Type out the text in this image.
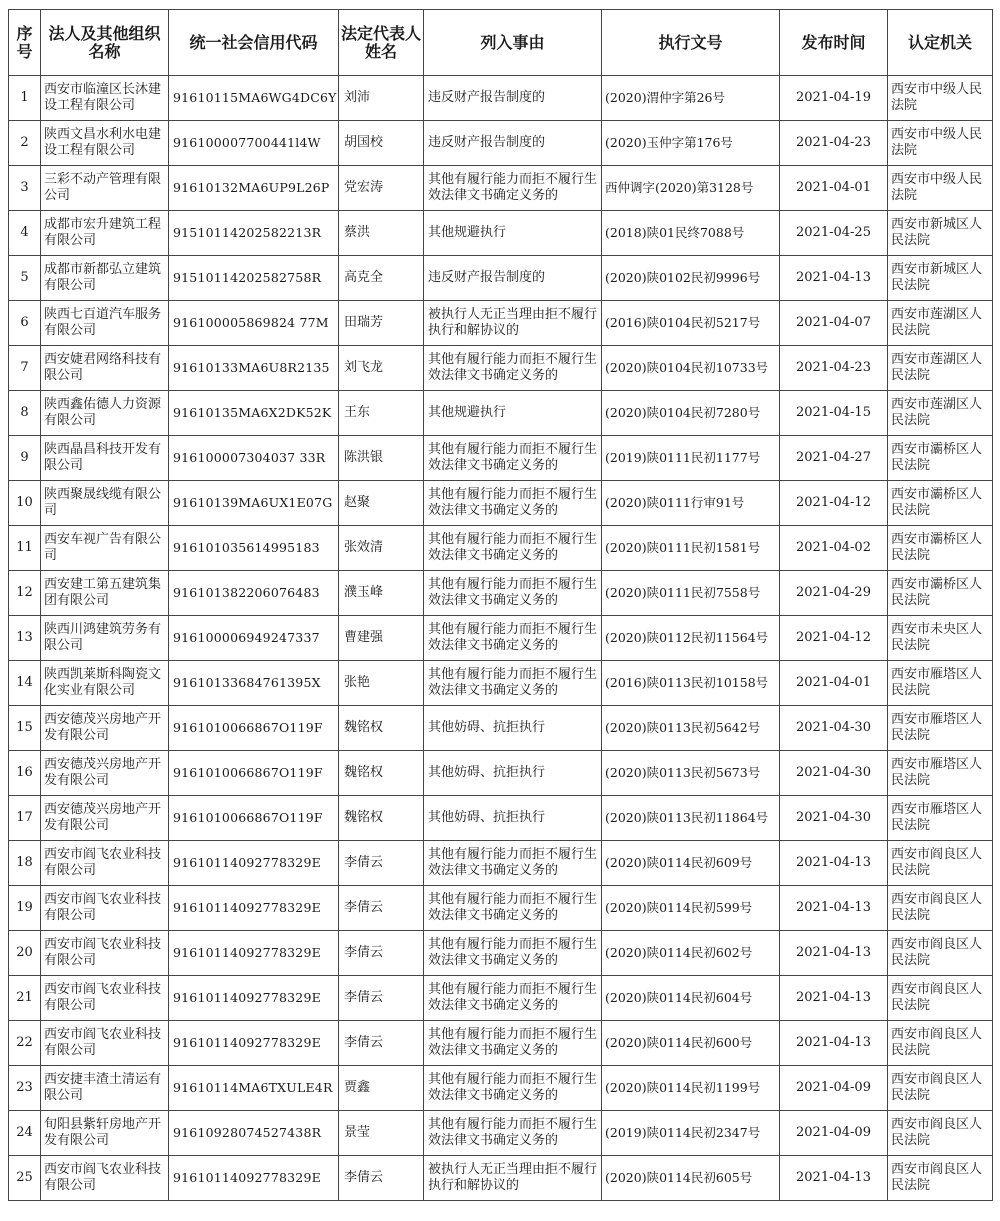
序号	法人及其他组织名称	统一社会信用代码	法定代表人姓名	列入事由	执行文号	发布时间	认定机关
1	西安市临潼区长沐建设工程有限公司	91610115MA6WG4DC6Y	刘沛	违反财产报告制度的	(2020)渭仲字第26号	2021-04-19	西安市中级人民法院
2	陕西文昌水利水电建设工程有限公司	916100007700441l4W	胡国校	违反财产报告制度的	(2020)玉仲字第176号	2021-04-23	西安市中级人民法院
3	三彩不动产管理有限公司	91610132MA6UP9L26P	党宏涛	其他有履行能力而拒不履行生效法律文书确定义务的	西仲调字(2020)第3128号	2021-04-01	西安市中级人民法院
4	成都市宏升建筑工程有限公司	91510114202582213R	蔡洪	其他规避执行	(2018)陕01民终7088号	2021-04-25	西安市新城区人民法院
5	成都市新都弘立建筑有限公司	91510114202582758R	高克全	违反财产报告制度的	(2020)陕0102民初9996号	2021-04-13	西安市新城区人民法院
6	陕西七百道汽车服务有限公司	916100005869824 77M	田瑞芳	被执行人无正当理由拒不履行执行和解协议的	(2016)陕0104民初5217号	2021-04-07	西安市莲湖区人民法院
7	西安婕君网络科技有限公司	91610133MA6U8R2135	刘飞龙	其他有履行能力而拒不履行生效法律文书确定义务的	(2020)陕0104民初10733号	2021-04-23	西安市莲湖区人民法院
8	陕西鑫佑德人力资源有限公司	91610135MA6X2DK52K	王东	其他规避执行	(2020)陕0104民初7280号	2021-04-15	西安市莲湖区人民法院
9	陕西晶昌科技开发有限公司	916100007304037 33R	陈洪银	其他有履行能力而拒不履行生效法律文书确定义务的	(2019)陕0111民初1177号	2021-04-27	西安市灞桥区人民法院
10	陕西聚晟线缆有限公司	91610139MA6UX1E07G	赵聚	其他有履行能力而拒不履行生效法律文书确定义务的	(2020)陕0111行审91号	2021-04-12	西安市灞桥区人民法院
11	西安车视广告有限公司	916101035614995183	张效清	其他有履行能力而拒不履行生效法律文书确定义务的	(2020)陕0111民初1581号	2021-04-02	西安市灞桥区人民法院
12	西安建工第五建筑集团有限公司	916101382206076483	濮玉峰	其他有履行能力而拒不履行生效法律文书确定义务的	(2020)陕0111民初7558号	2021-04-29	西安市灞桥区人民法院
13	陕西川鸿建筑劳务有限公司	916100006949247337	曹建强	其他有履行能力而拒不履行生效法律文书确定义务的	(2020)陕0112民初11564号	2021-04-12	西安市未央区人民法院
14	陕西凯莱斯科陶瓷文化实业有限公司	91610133684761395X	张艳	其他有履行能力而拒不履行生效法律文书确定义务的	(2016)陕0113民初10158号	2021-04-01	西安市雁塔区人民法院
15	西安德茂兴房地产开发有限公司	9161010066867O119F	魏铭权	其他妨碍、抗拒执行	(2020)陕0113民初5642号	2021-04-30	西安市雁塔区人民法院
16	西安德茂兴房地产开发有限公司	9161010066867O119F	魏铭权	其他妨碍、抗拒执行	(2020)陕0113民初5673号	2021-04-30	西安市雁塔区人民法院
17	西安德茂兴房地产开发有限公司	9161010066867O119F	魏铭权	其他妨碍、抗拒执行	(2020)陕0113民初11864号	2021-04-30	西安市雁塔区人民法院
18	西安市阎飞农业科技有限公司	91610114092778329E	李倩云	其他有履行能力而拒不履行生效法律文书确定义务的	(2020)陕0114民初609号	2021-04-13	西安市阎良区人民法院
19	西安市阎飞农业科技有限公司	91610114092778329E	李倩云	其他有履行能力而拒不履行生效法律文书确定义务的	(2020)陕0114民初599号	2021-04-13	西安市阎良区人民法院
20	西安市阎飞农业科技有限公司	91610114092778329E	李倩云	其他有履行能力而拒不履行生效法律文书确定义务的	(2020)陕0114民初602号	2021-04-13	西安市阎良区人民法院
21	西安市阎飞农业科技有限公司	91610114092778329E	李倩云	其他有履行能力而拒不履行生效法律文书确定义务的	(2020)陕0114民初604号	2021-04-13	西安市阎良区人民法院
22	西安市阎飞农业科技有限公司	91610114092778329E	李倩云	其他有履行能力而拒不履行生效法律文书确定义务的	(2020)陕0114民初600号	2021-04-13	西安市阎良区人民法院
23	西安捷丰渣土清运有限公司	91610114MA6TXULE4R	贾鑫	其他有履行能力而拒不履行生效法律文书确定义务的	(2020)陕0114民初1199号	2021-04-09	西安市阎良区人民法院
24	旬阳县紫轩房地产开发有限公司	91610928074527438R	景莹	其他有履行能力而拒不履行生效法律文书确定义务的	(2019)陕0114民初2347号	2021-04-09	西安市阎良区人民法院
25	西安市阎飞农业科技有限公司	91610114092778329E	李倩云	被执行人无正当理由拒不履行执行和解协议的	(2020)陕0114民初605号	2021-04-13	西安市阎良区人民法院
